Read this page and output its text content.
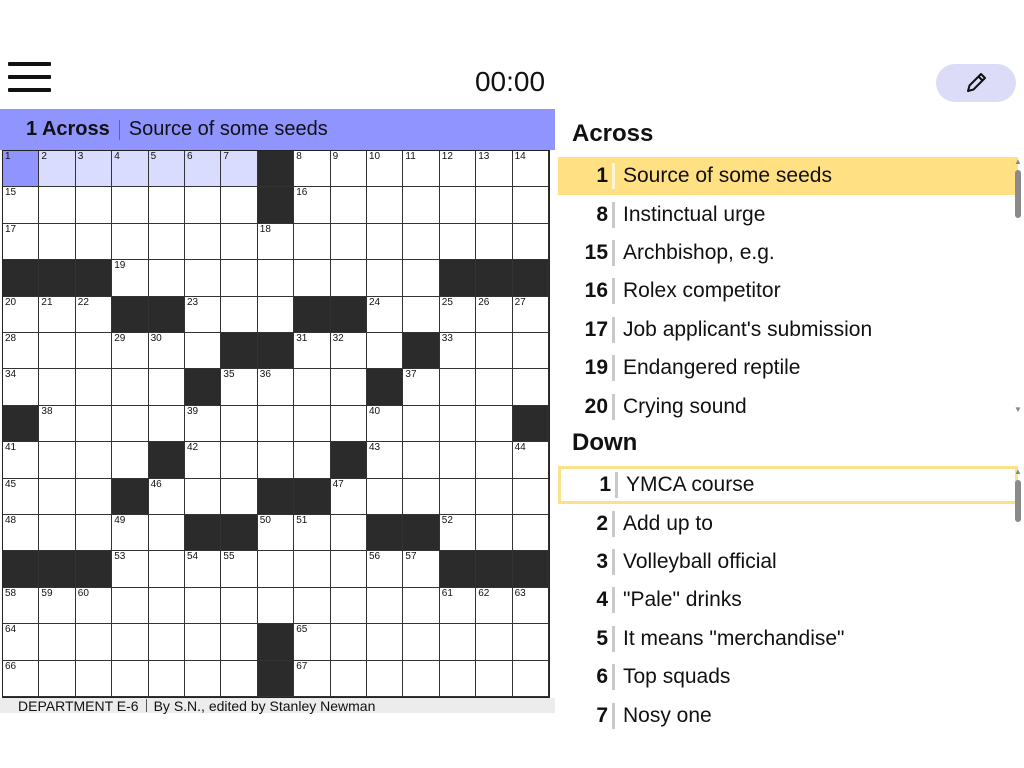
00:00
1 Across Source of some seeds
1	2	3	4	5	6	7	8	9	10	11	12	13	14
15	16
17	18
19
20	21	22	23	24	25	26	27
28	29	30	31	32	33
34	35	36	37
38	39	40
41	42	43	44
45	46	47
48	49	50	51	52
53	54	55	56	57
58	59	60	61	62	63
64	65
66	67
DEPARTMENT E-6 By S.N., edited by Stanley Newman
Across
1 Source of some seeds
8 Instinctual urge
15 Archbishop, e.g.
16 Rolex competitor
17 Job applicant's submission
19 Endangered reptile
20 Crying sound
▲
▼
Down
1 YMCA course
2 Add up to
3 Volleyball official
4 "Pale" drinks
5 It means "merchandise"
6 Top squads
7 Nosy one
▲
